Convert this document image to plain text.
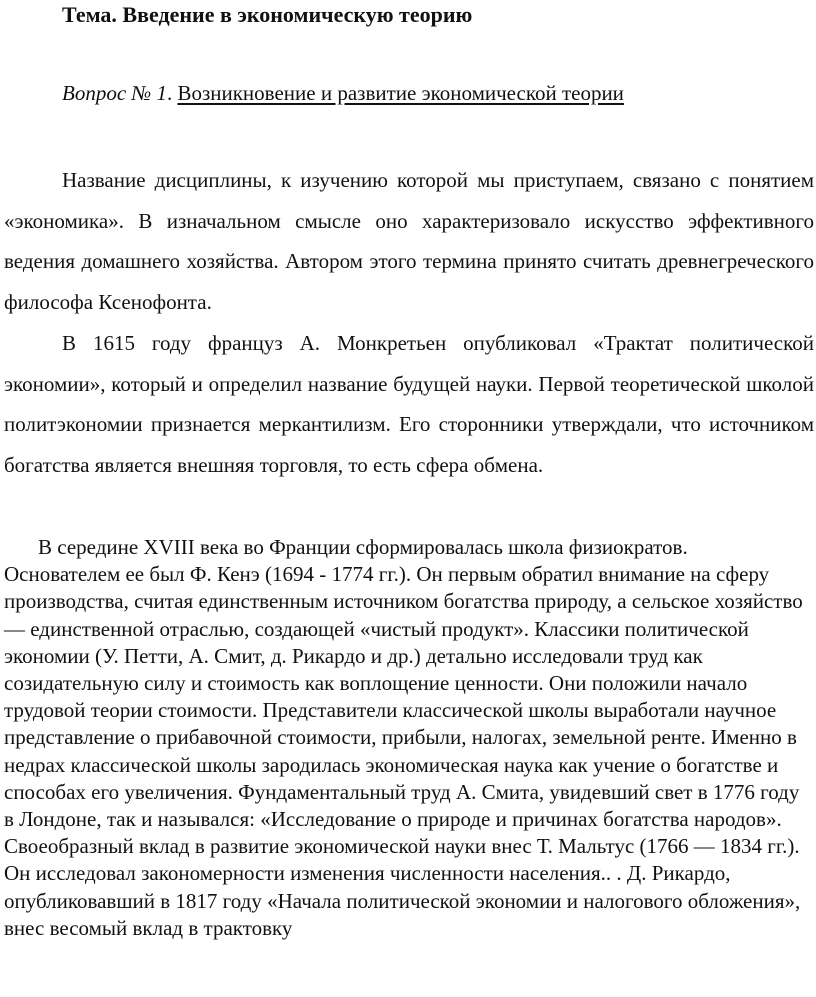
Тема. Введение в экономическую теорию

Вопрос № 1. Возникновение и развитие экономической теории

Название дисциплины, к изучению которой мы приступаем, связано с понятием «экономика». В изначальном смысле оно характеризовало искусство эффективного ведения домашнего хозяйства. Автором этого термина принято считать древнегреческого философа Ксенофонта.

В 1615 году француз А. Монкретьен опубликовал «Трактат политической экономии», который и определил название будущей науки. Первой теоретической школой политэкономии признается меркантилизм. Его сторонники утверждали, что источником богатства является внешняя торговля, то есть сфера обмена.

В середине XVIII века во Франции сформировалась школа физиократов. Основателем ее был Ф. Кенэ (1694 - 1774 гг.). Он первым обратил внимание на сферу производства, считая единственным источником богатства природу, а сельское хозяйство — единственной отраслью, создающей «чистый продукт». Классики политической экономии (У. Петти, А. Смит, д. Рикардо и др.) детально исследовали труд как созидательную силу и стоимость как воплощение ценности. Они положили начало трудовой теории стоимости. Представители классической школы выработали научное представление о прибавочной стоимости, прибыли, налогах, земельной ренте. Именно в недрах классической школы зародилась экономическая наука как учение о богатстве и способах его увеличения. Фундаментальный труд А. Смита, увидевший свет в 1776 году в Лондоне, так и назывался: «Исследование о природе и причинах богатства народов». Своеобразный вклад в развитие экономической науки внес Т. Мальтус (1766 — 1834 гг.). Он исследовал закономерности изменения численности населения.. . Д. Рикардо, опубликовавший в 1817 году «Начала политической экономии и налогового обложения», внес весомый вклад в трактовку
